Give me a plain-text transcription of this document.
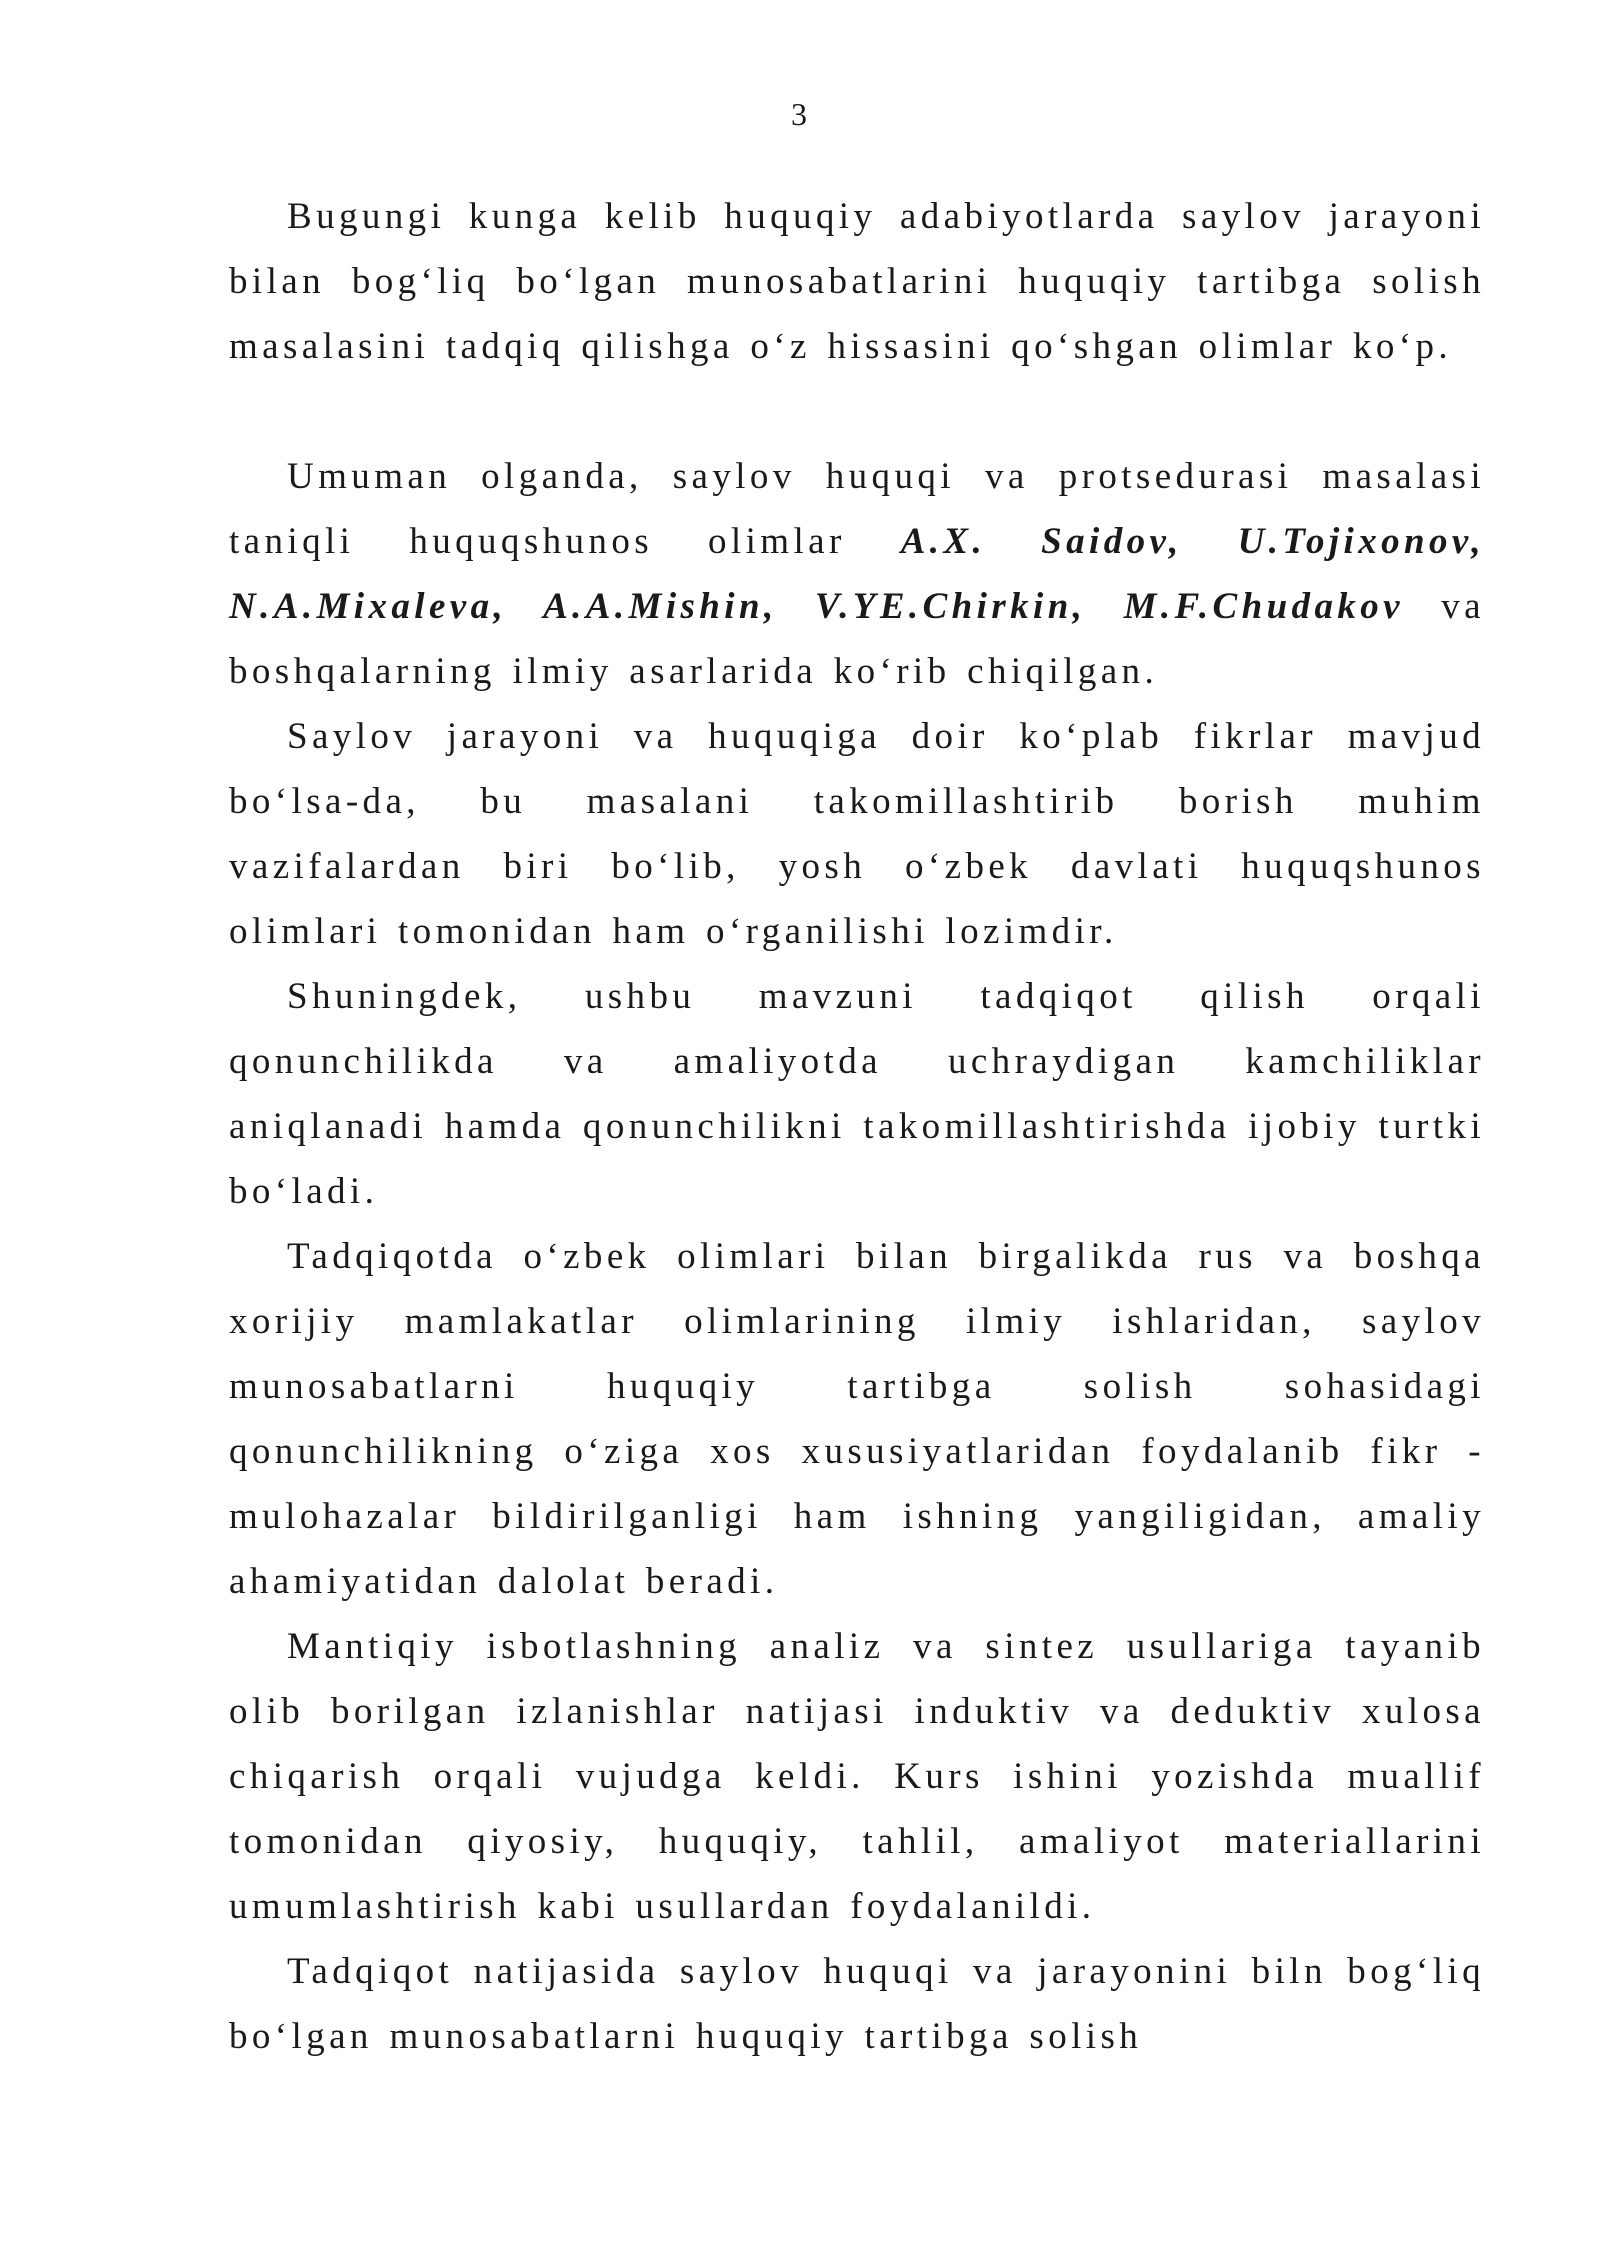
3

Bugungi kunga kelib huquqiy adabiyotlarda saylov jarayoni bilan bog‘liq bo‘lgan munosabatlarini huquqiy tartibga solish masalasini tadqiq qilishga o‘z hissasini qo‘shgan olimlar ko‘p.

Umuman olganda, saylov huquqi va protsedurasi masalasi taniqli huquqshunos olimlar A.X. Saidov, U.Tojixonov, N.A.Mixaleva, A.A.Mishin, V.YE.Chirkin, M.F.Chudakov va boshqalarning ilmiy asarlarida ko‘rib chiqilgan.

Saylov jarayoni va huquqiga doir ko‘plab fikrlar mavjud bo‘lsa-da, bu masalani takomillashtirib borish muhim vazifalardan biri bo‘lib, yosh o‘zbek davlati huquqshunos olimlari tomonidan ham o‘rganilishi lozimdir.

Shuningdek, ushbu mavzuni tadqiqot qilish orqali qonunchilikda va amaliyotda uchraydigan kamchiliklar aniqlanadi hamda qonunchilikni takomillashtirishda ijobiy turtki bo‘ladi.

Tadqiqotda o‘zbek olimlari bilan birgalikda rus va boshqa xorijiy mamlakatlar olimlarining ilmiy ishlaridan, saylov munosabatlarni huquqiy tartibga solish sohasidagi qonunchilikning o‘ziga xos xususiyatlaridan foydalanib fikr - mulohazalar bildirilganligi ham ishning yangiligidan, amaliy ahamiyatidan dalolat beradi.

Mantiqiy isbotlashning analiz va sintez usullariga tayanib olib borilgan izlanishlar natijasi induktiv va deduktiv xulosa chiqarish orqali vujudga keldi. Kurs ishini yozishda muallif tomonidan qiyosiy, huquqiy, tahlil, amaliyot materiallarini umumlashtirish kabi usullardan foydalanildi.

Tadqiqot natijasida saylov huquqi va jarayonini biln bog‘liq bo‘lgan munosabatlarni huquqiy tartibga solish
